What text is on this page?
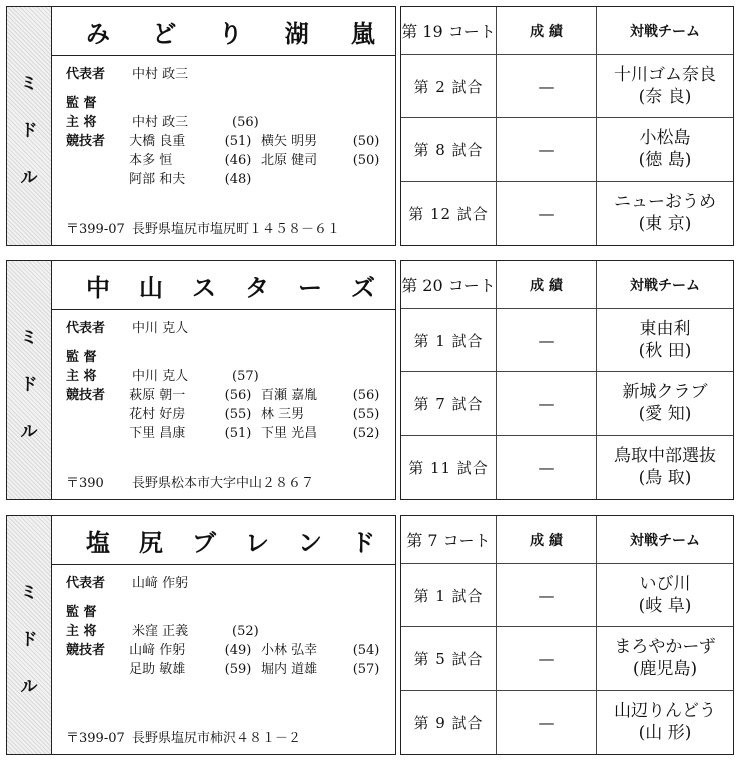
ミ
ド
ル
み ど り 湖 嵐
代表者	中村 政三
監 督
主 将	中村 政三	(56)
競技者	大橋 良重	(51) 横矢 明男	(50)
本多 恒	(46) 北原 健司	(50)
阿部 和夫	(48)
〒399-07 長野県塩尻市塩尻町１４５８－６１
第 19 コート	成 績	対戦チーム
第 2 試合	—
十川ゴム奈良
(奈 良)
第 8 試合	—
小松島
(徳 島)
第 12 試合	—
ニューおうめ
(東 京)
ミ
ド
ル
中 山 ス タ ー ズ
代表者	中川 克人
監 督
主 将	中川 克人	(57)
競技者	萩原 朝一	(56) 百瀬 嘉胤	(56)
花村 好房	(55) 林 三男	(55)
下里 昌康	(51) 下里 光昌	(52)
〒390 長野県松本市大字中山２８６７
第 20 コート	成 績	対戦チーム
第 1 試合	—
東由利
(秋 田)
第 7 試合	—
新城クラブ
(愛 知)
第 11 試合	—
鳥取中部選抜
(鳥 取)
ミ
ド
ル
塩 尻 ブ レ ン ド
代表者	山﨑 作躬
監 督
主 将	米窪 正義	(52)
競技者	山﨑 作躬	(49) 小林 弘幸	(54)
足助 敏雄	(59) 堀内 道雄	(57)
〒399-07 長野県塩尻市柿沢４８１－２
第 7 コート	成 績	対戦チーム
第 1 試合	—
いび川
(岐 阜)
第 5 試合	—
まろやかーず
(鹿児島)
第 9 試合	—
山辺りんどう
(山 形)
